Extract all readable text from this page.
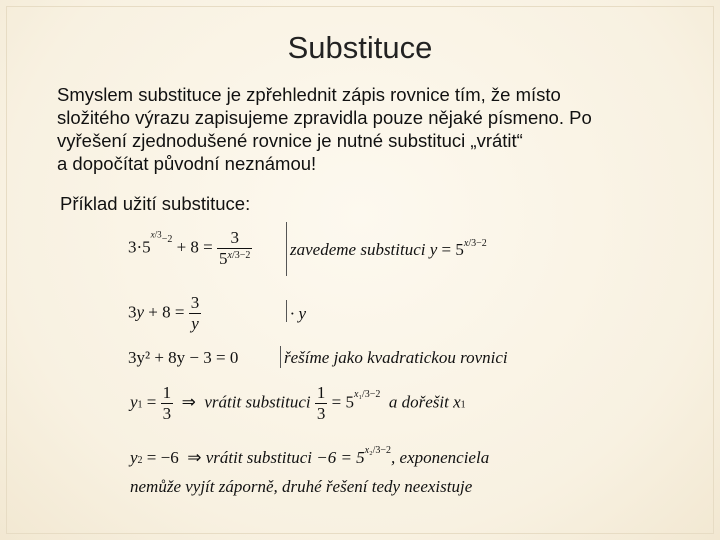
Substituce
Smyslem substituce je zpřehlednit zápis rovnice tím, že místo
složitého výrazu zapisujeme zpravidla pouze nějaké písmeno. Po
vyřešení zjednodušené rovnice je nutné substituci „vrátit“
a dopočítat původní neznámou!
Příklad užití substituce:
$3\cdot 5^{^{x/3}-2} + 8 = \frac{3}{5^{x/3-2}}$ zavedeme substituci $y = 5^{x/3-2}$
$3y + 8 = \frac{3}{y}$	· y
3y² + 8y − 3 = 0	řešíme jako kvadratickou rovnici
$y1 = \frac{1}{3}$ ⇒  vrátit substituci $\frac{1}{3} = 5^{x_1/3-2}$ a dořešit x1
y2 = −6  ⇒ vrátit substituci $-6 = 5^{x_2/3-2}$, exponenciela
nemůže vyjít záporně, druhé řešení tedy neexistuje
